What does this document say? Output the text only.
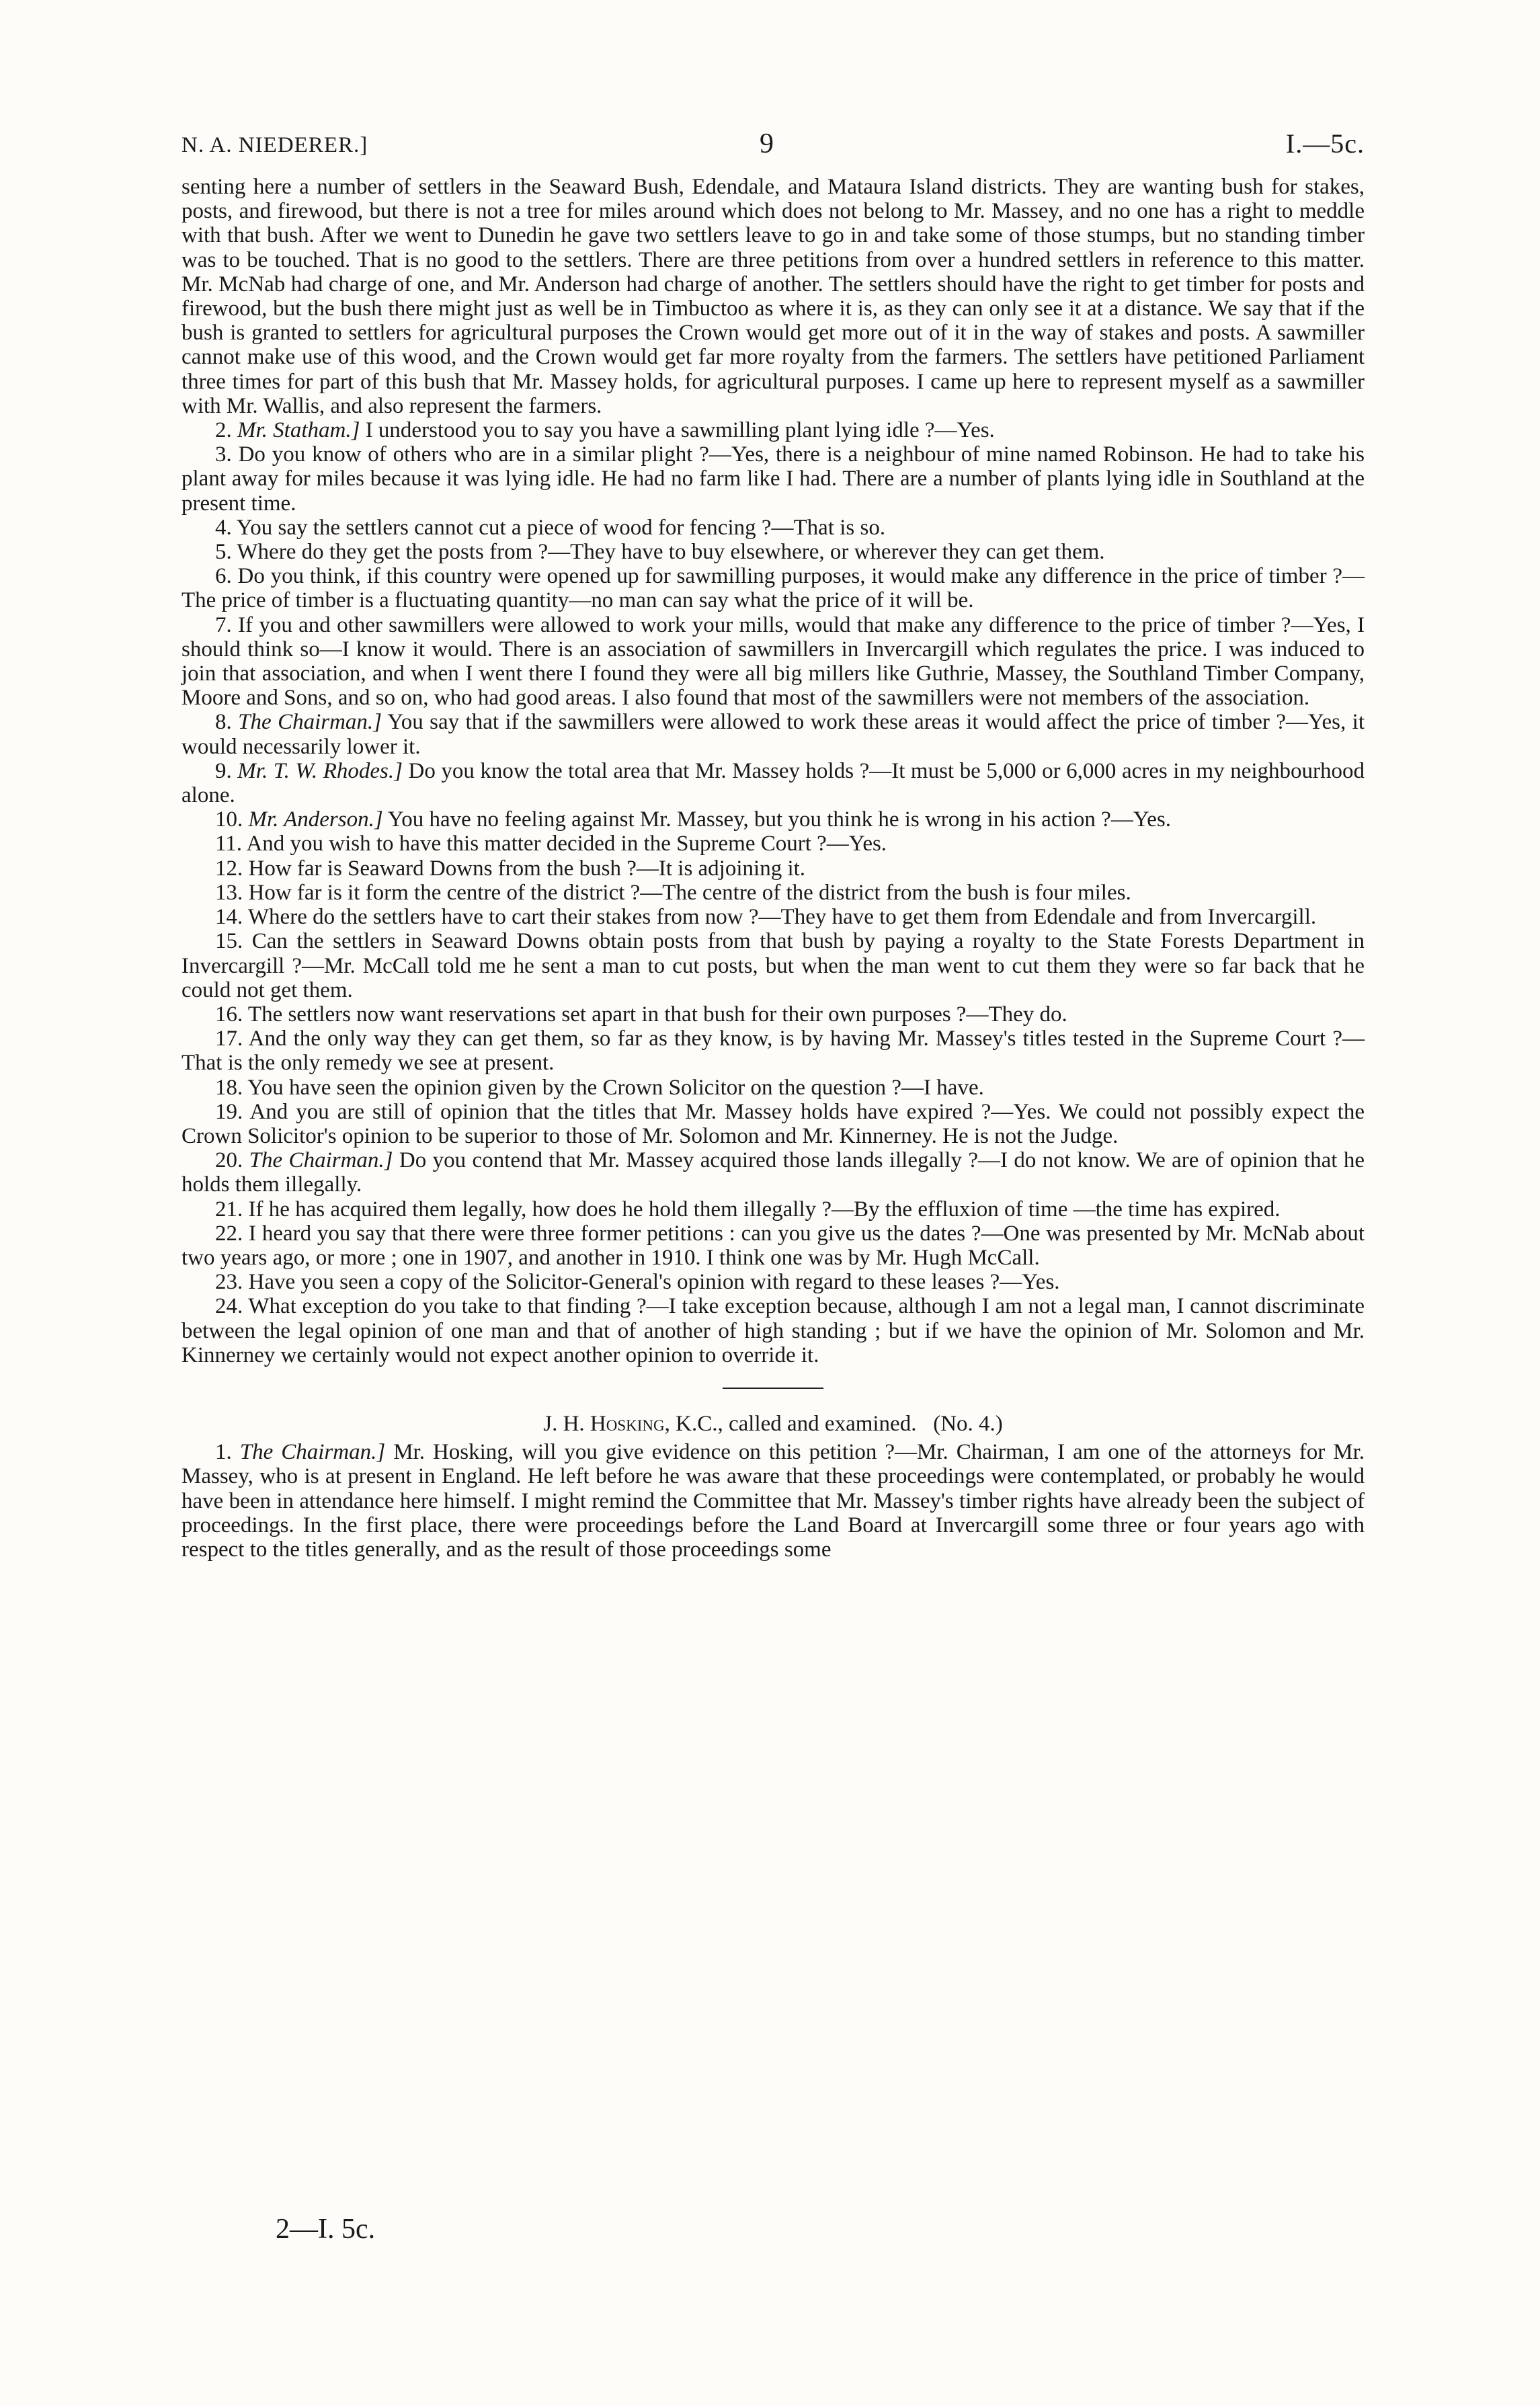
N. A. NIEDERER.]	9	I.—5c.

senting here a number of settlers in the Seaward Bush, Edendale, and Mataura Island districts. They are wanting bush for stakes, posts, and firewood, but there is not a tree for miles around which does not belong to Mr. Massey, and no one has a right to meddle with that bush. After we went to Dunedin he gave two settlers leave to go in and take some of those stumps, but no standing timber was to be touched. That is no good to the settlers. There are three petitions from over a hundred settlers in reference to this matter. Mr. McNab had charge of one, and Mr. Anderson had charge of another. The settlers should have the right to get timber for posts and firewood, but the bush there might just as well be in Timbuctoo as where it is, as they can only see it at a distance. We say that if the bush is granted to settlers for agricultural purposes the Crown would get more out of it in the way of stakes and posts. A sawmiller cannot make use of this wood, and the Crown would get far more royalty from the farmers. The settlers have petitioned Parliament three times for part of this bush that Mr. Massey holds, for agricultural purposes. I came up here to represent myself as a sawmiller with Mr. Wallis, and also represent the farmers.

2. Mr. Statham.] I understood you to say you have a sawmilling plant lying idle ?—Yes.

3. Do you know of others who are in a similar plight ?—Yes, there is a neighbour of mine named Robinson. He had to take his plant away for miles because it was lying idle. He had no farm like I had. There are a number of plants lying idle in Southland at the present time.

4. You say the settlers cannot cut a piece of wood for fencing ?—That is so.

5. Where do they get the posts from ?—They have to buy elsewhere, or wherever they can get them.

6. Do you think, if this country were opened up for sawmilling purposes, it would make any difference in the price of timber ?—The price of timber is a fluctuating quantity—no man can say what the price of it will be.

7. If you and other sawmillers were allowed to work your mills, would that make any difference to the price of timber ?—Yes, I should think so—I know it would. There is an association of sawmillers in Invercargill which regulates the price. I was induced to join that association, and when I went there I found they were all big millers like Guthrie, Massey, the Southland Timber Company, Moore and Sons, and so on, who had good areas. I also found that most of the sawmillers were not members of the association.

8. The Chairman.] You say that if the sawmillers were allowed to work these areas it would affect the price of timber ?—Yes, it would necessarily lower it.

9. Mr. T. W. Rhodes.] Do you know the total area that Mr. Massey holds ?—It must be 5,000 or 6,000 acres in my neighbourhood alone.

10. Mr. Anderson.] You have no feeling against Mr. Massey, but you think he is wrong in his action ?—Yes.

11. And you wish to have this matter decided in the Supreme Court ?—Yes.

12. How far is Seaward Downs from the bush ?—It is adjoining it.

13. How far is it form the centre of the district ?—The centre of the district from the bush is four miles.

14. Where do the settlers have to cart their stakes from now ?—They have to get them from Edendale and from Invercargill.

15. Can the settlers in Seaward Downs obtain posts from that bush by paying a royalty to the State Forests Department in Invercargill ?—Mr. McCall told me he sent a man to cut posts, but when the man went to cut them they were so far back that he could not get them.

16. The settlers now want reservations set apart in that bush for their own purposes ?—They do.

17. And the only way they can get them, so far as they know, is by having Mr. Massey's titles tested in the Supreme Court ?—That is the only remedy we see at present.

18. You have seen the opinion given by the Crown Solicitor on the question ?—I have.

19. And you are still of opinion that the titles that Mr. Massey holds have expired ?—Yes. We could not possibly expect the Crown Solicitor's opinion to be superior to those of Mr. Solomon and Mr. Kinnerney. He is not the Judge.

20. The Chairman.] Do you contend that Mr. Massey acquired those lands illegally ?—I do not know. We are of opinion that he holds them illegally.

21. If he has acquired them legally, how does he hold them illegally ?—By the effluxion of time —the time has expired.

22. I heard you say that there were three former petitions : can you give us the dates ?—One was presented by Mr. McNab about two years ago, or more ; one in 1907, and another in 1910. I think one was by Mr. Hugh McCall.

23. Have you seen a copy of the Solicitor-General's opinion with regard to these leases ?—Yes.

24. What exception do you take to that finding ?—I take exception because, although I am not a legal man, I cannot discriminate between the legal opinion of one man and that of another of high standing ; but if we have the opinion of Mr. Solomon and Mr. Kinnerney we certainly would not expect another opinion to override it.

J. H. Hosking, K.C., called and examined. (No. 4.)

1. The Chairman.] Mr. Hosking, will you give evidence on this petition ?—Mr. Chairman, I am one of the attorneys for Mr. Massey, who is at present in England. He left before he was aware that these proceedings were contemplated, or probably he would have been in attendance here himself. I might remind the Committee that Mr. Massey's timber rights have already been the subject of proceedings. In the first place, there were proceedings before the Land Board at Invercargill some three or four years ago with respect to the titles generally, and as the result of those proceedings some

2—I. 5c.
